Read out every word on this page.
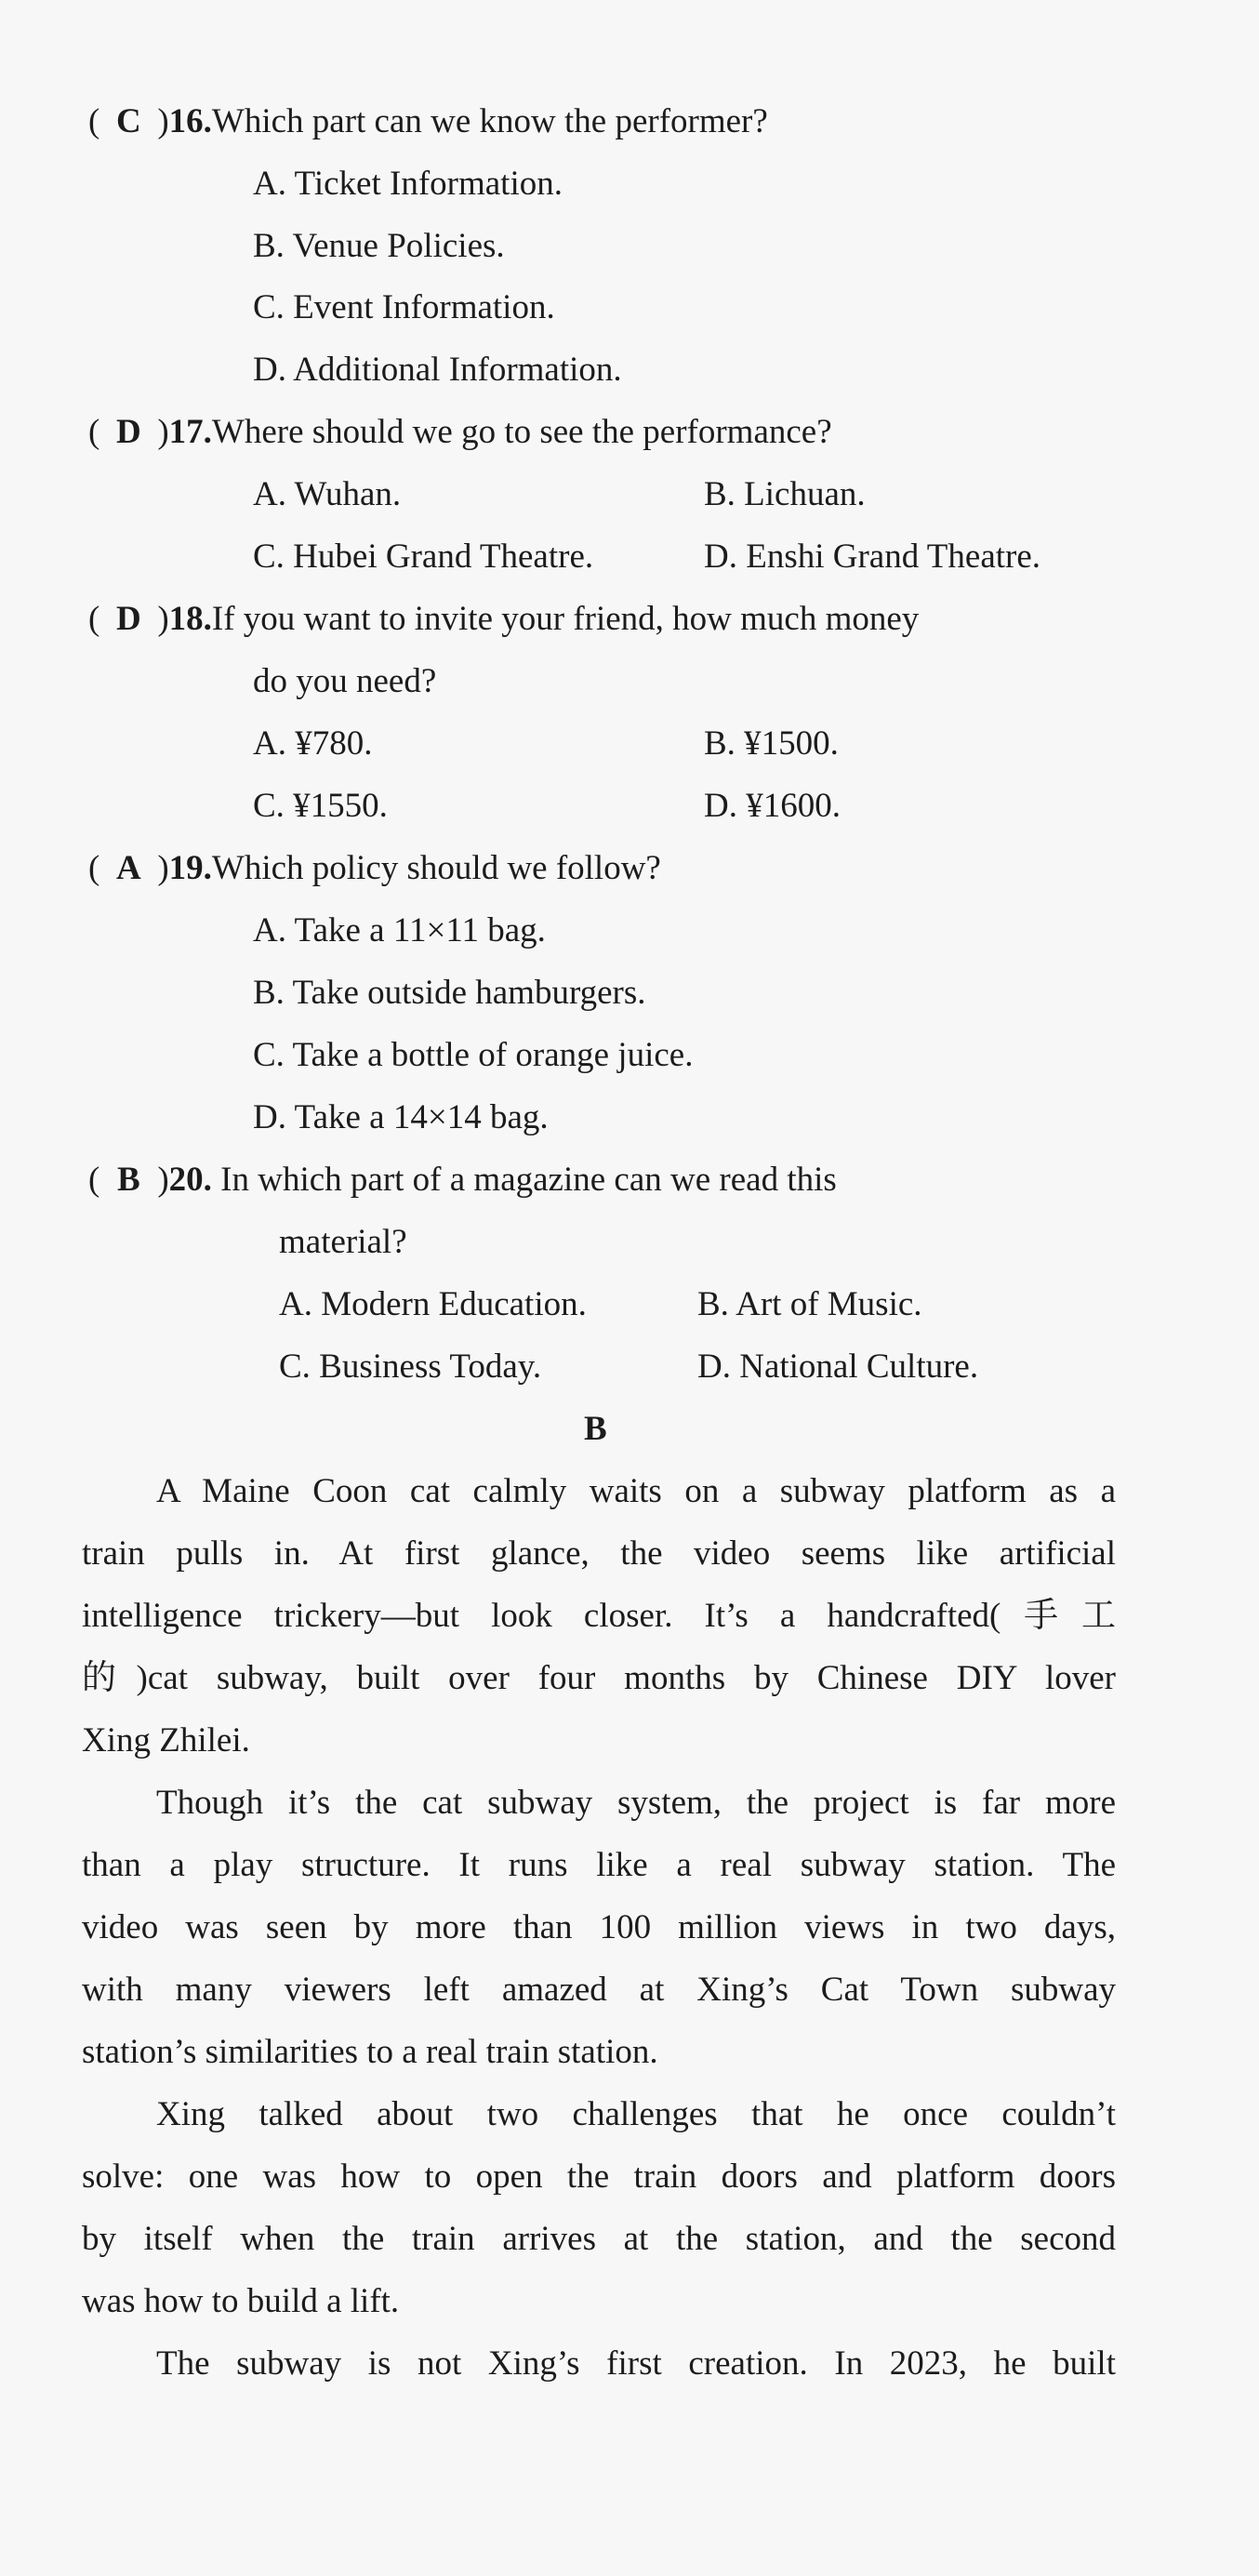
( C )16.Which part can we know the performer?
A. Ticket Information.
B. Venue Policies.
C. Event Information.
D. Additional Information.
( D )17.Where should we go to see the performance?
A. Wuhan.	B. Lichuan.
C. Hubei Grand Theatre.	D. Enshi Grand Theatre.
( D )18.If you want to invite your friend, how much money
do you need?
A. ¥780.	B. ¥1500.
C. ¥1550.	D. ¥1600.
( A )19.Which policy should we follow?
A. Take a 11×11 bag.
B. Take outside hamburgers.
C. Take a bottle of orange juice.
D. Take a 14×14 bag.
( B )20. In which part of a magazine can we read this
material?
A. Modern Education.	B. Art of Music.
C. Business Today.	D. National Culture.
B
A Maine Coon cat calmly waits on a subway platform as a
train pulls in. At first glance, the video seems like artificial
intelligence trickery—but look closer. It’s a handcrafted(手工
的)cat subway, built over four months by Chinese DIY lover
Xing Zhilei.
Though it’s the cat subway system, the project is far more
than a play structure. It runs like a real subway station. The
video was seen by more than 100 million views in two days,
with many viewers left amazed at Xing’s Cat Town subway
station’s similarities to a real train station.
Xing talked about two challenges that he once couldn’t
solve: one was how to open the train doors and platform doors
by itself when the train arrives at the station, and the second
was how to build a lift.
The subway is not Xing’s first creation. In 2023, he built
